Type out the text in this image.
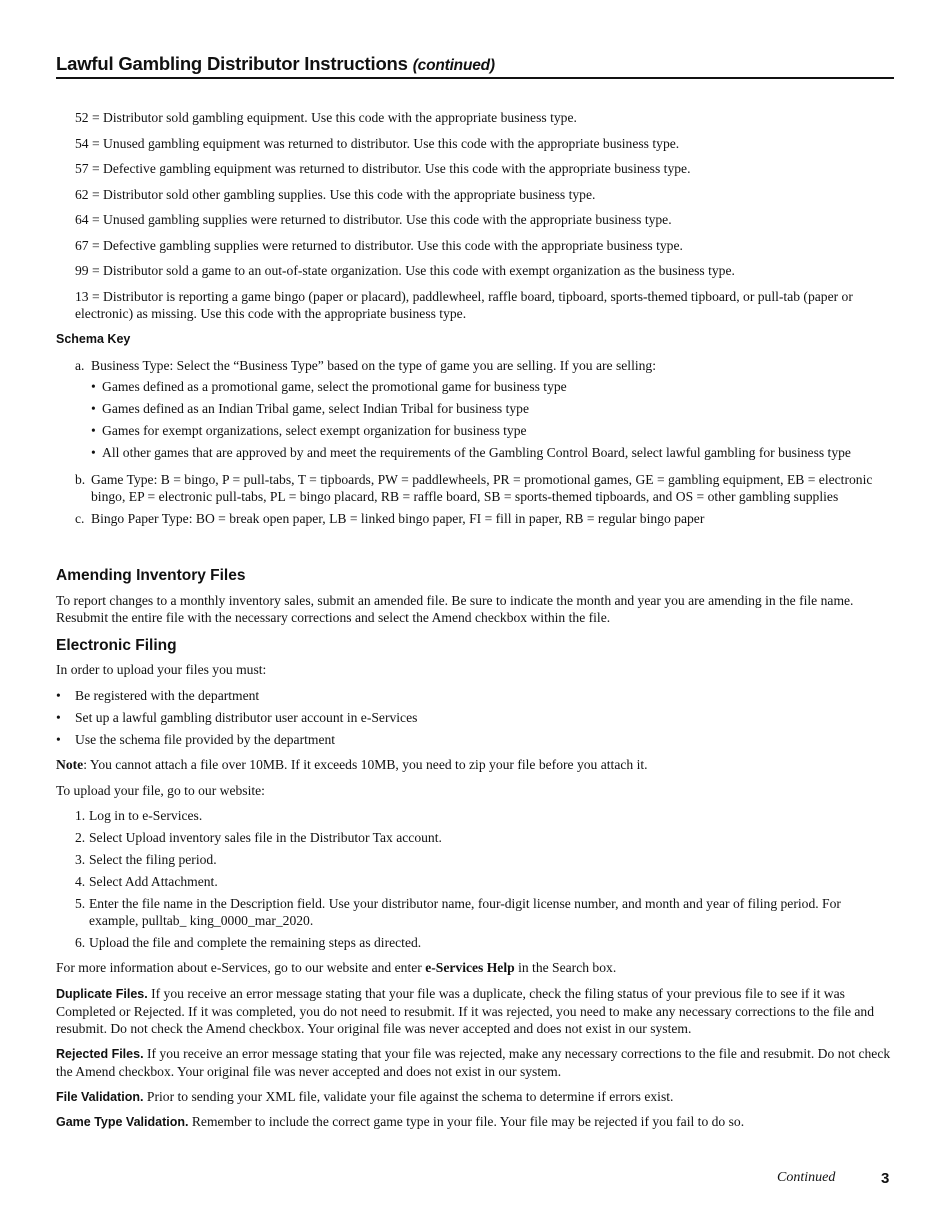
Lawful Gambling Distributor Instructions (continued)

52 = Distributor sold gambling equipment. Use this code with the appropriate business type.

54 = Unused gambling equipment was returned to distributor. Use this code with the appropriate business type.

57 = Defective gambling equipment was returned to distributor. Use this code with the appropriate business type.

62 = Distributor sold other gambling supplies. Use this code with the appropriate business type.

64 = Unused gambling supplies were returned to distributor. Use this code with the appropriate business type.

67 = Defective gambling supplies were returned to distributor. Use this code with the appropriate business type.

99 = Distributor sold a game to an out-of-state organization. Use this code with exempt organization as the business type.

13 = Distributor is reporting a game bingo (paper or placard), paddlewheel, raffle board, tipboard, sports-themed tipboard, or pull-tab (paper or electronic) as missing. Use this code with the appropriate business type.

Schema Key
a. Business Type: Select the “Business Type” based on the type of game you are selling. If you are selling:
• Games defined as a promotional game, select the promotional game for business type
• Games defined as an Indian Tribal game, select Indian Tribal for business type
• Games for exempt organizations, select exempt organization for business type
• All other games that are approved by and meet the requirements of the Gambling Control Board, select lawful gambling for business type
b. Game Type: B = bingo, P = pull-tabs, T = tipboards, PW = paddlewheels, PR = promotional games, GE = gambling equipment, EB = electronic bingo, EP = electronic pull-tabs, PL = bingo placard, RB = raffle board, SB = sports-themed tipboards, and OS = other gambling supplies
c. Bingo Paper Type: BO = break open paper, LB = linked bingo paper, FI = fill in paper, RB = regular bingo paper
Amending Inventory Files

To report changes to a monthly inventory sales, submit an amended file. Be sure to indicate the month and year you are amending in the file name. Resubmit the entire file with the necessary corrections and select the Amend checkbox within the file.

Electronic Filing
In order to upload your files you must:
•	Be registered with the department
•	Set up a lawful gambling distributor user account in e-Services
•	Use the schema file provided by the department

Note: You cannot attach a file over 10MB. If it exceeds 10MB, you need to zip your file before you attach it.

To upload your file, go to our website:
1. Log in to e-Services.
2. Select Upload inventory sales file in the Distributor Tax account.
3. Select the filing period.
4. Select Add Attachment.
5. Enter the file name in the Description field. Use your distributor name, four-digit license number, and month and year of filing period. For example, pulltab_ king_0000_mar_2020.
6. Upload the file and complete the remaining steps as directed.

For more information about e-Services, go to our website and enter e-Services Help in the Search box.

Duplicate Files. If you receive an error message stating that your file was a duplicate, check the filing status of your previous file to see if it was Completed or Rejected. If it was completed, you do not need to resubmit. If it was rejected, you need to make any necessary corrections to the file and resubmit. Do not check the Amend checkbox. Your original file was never accepted and does not exist in our system.

Rejected Files. If you receive an error message stating that your file was rejected, make any necessary corrections to the file and resubmit. Do not check the Amend checkbox. Your original file was never accepted and does not exist in our system.

File Validation. Prior to sending your XML file, validate your file against the schema to determine if errors exist.

Game Type Validation. Remember to include the correct game type in your file. Your file may be rejected if you fail to do so.

Continued	3
